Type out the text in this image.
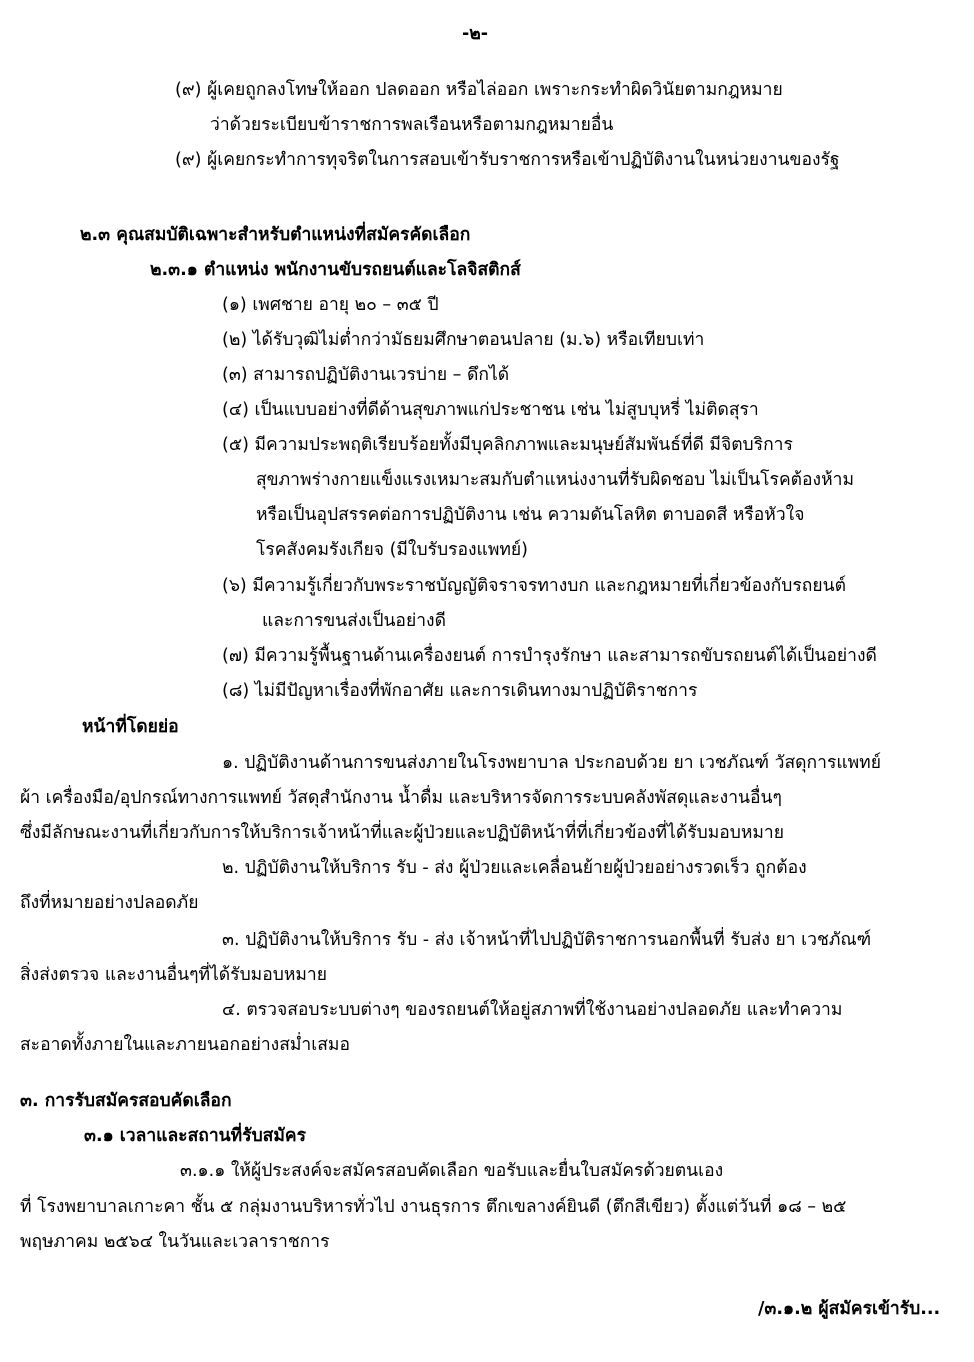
-๒-
(๙) ผู้เคยถูกลงโทษให้ออก ปลดออก หรือไล่ออก เพราะกระทำผิดวินัยตามกฎหมาย
ว่าด้วยระเบียบข้าราชการพลเรือนหรือตามกฎหมายอื่น
(๙) ผู้เคยกระทำการทุจริตในการสอบเข้ารับราชการหรือเข้าปฏิบัติงานในหน่วยงานของรัฐ
๒.๓ คุณสมบัติเฉพาะสำหรับตำแหน่งที่สมัครคัดเลือก
๒.๓.๑ ตำแหน่ง พนักงานขับรถยนต์และโลจิสติกส์
(๑) เพศชาย อายุ ๒๐ – ๓๕ ปี
(๒) ได้รับวุฒิไม่ต่ำกว่ามัธยมศึกษาตอนปลาย (ม.๖) หรือเทียบเท่า
(๓) สามารถปฏิบัติงานเวรบ่าย – ดึกได้
(๔) เป็นแบบอย่างที่ดีด้านสุขภาพแก่ประชาชน เช่น ไม่สูบบุหรี่ ไม่ติดสุรา
(๕) มีความประพฤติเรียบร้อยทั้งมีบุคลิกภาพและมนุษย์สัมพันธ์ที่ดี มีจิตบริการ
สุขภาพร่างกายแข็งแรงเหมาะสมกับตำแหน่งงานที่รับผิดชอบ ไม่เป็นโรคต้องห้าม
หรือเป็นอุปสรรคต่อการปฏิบัติงาน เช่น ความดันโลหิต ตาบอดสี หรือหัวใจ
โรคสังคมรังเกียจ (มีใบรับรองแพทย์)
(๖) มีความรู้เกี่ยวกับพระราชบัญญัติจราจรทางบก และกฎหมายที่เกี่ยวข้องกับรถยนต์
และการขนส่งเป็นอย่างดี
(๗) มีความรู้พื้นฐานด้านเครื่องยนต์ การบำรุงรักษา และสามารถขับรถยนต์ได้เป็นอย่างดี
(๘) ไม่มีปัญหาเรื่องที่พักอาศัย และการเดินทางมาปฏิบัติราชการ
หน้าที่โดยย่อ
๑. ปฏิบัติงานด้านการขนส่งภายในโรงพยาบาล ประกอบด้วย ยา เวชภัณฑ์ วัสดุการแพทย์
ผ้า เครื่องมือ/อุปกรณ์ทางการแพทย์ วัสดุสำนักงาน น้ำดื่ม และบริหารจัดการระบบคลังพัสดุและงานอื่นๆ
ซึ่งมีลักษณะงานที่เกี่ยวกับการให้บริการเจ้าหน้าที่และผู้ป่วยและปฏิบัติหน้าที่ที่เกี่ยวข้องที่ได้รับมอบหมาย
๒. ปฏิบัติงานให้บริการ รับ - ส่ง ผู้ป่วยและเคลื่อนย้ายผู้ป่วยอย่างรวดเร็ว ถูกต้อง
ถึงที่หมายอย่างปลอดภัย
๓. ปฏิบัติงานให้บริการ รับ - ส่ง เจ้าหน้าที่ไปปฏิบัติราชการนอกพื้นที่ รับส่ง ยา เวชภัณฑ์
สิ่งส่งตรวจ และงานอื่นๆที่ได้รับมอบหมาย
๔. ตรวจสอบระบบต่างๆ ของรถยนต์ให้อยู่สภาพที่ใช้งานอย่างปลอดภัย และทำความ
สะอาดทั้งภายในและภายนอกอย่างสม่ำเสมอ
๓. การรับสมัครสอบคัดเลือก
๓.๑ เวลาและสถานที่รับสมัคร
๓.๑.๑ ให้ผู้ประสงค์จะสมัครสอบคัดเลือก ขอรับและยื่นใบสมัครด้วยตนเอง
ที่ โรงพยาบาลเกาะคา ชั้น ๕ กลุ่มงานบริหารทั่วไป งานธุรการ ตึกเขลางค์ยินดี (ตึกสีเขียว) ตั้งแต่วันที่ ๑๘ – ๒๕
พฤษภาคม ๒๕๖๔ ในวันและเวลาราชการ
/๓.๑.๒ ผู้สมัครเข้ารับ...
